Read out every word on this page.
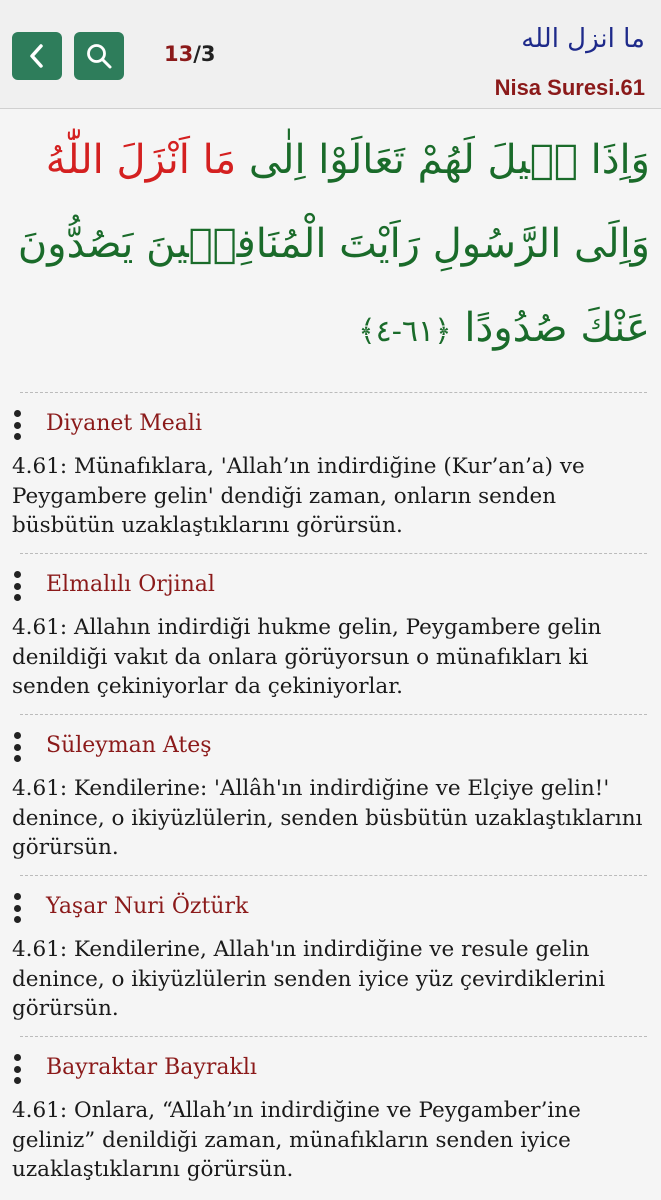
13/3	ما انزل الله
Nisa Suresi.61
وَاِذَا قٖيلَ لَهُمْ تَعَالَوْا اِلٰى مَا اَنْزَلَ اللّٰهُ وَاِلَى الرَّسُولِ رَاَيْتَ الْمُنَافِقٖينَ يَصُدُّونَ عَنْكَ صُدُودًا ﴿٦١-٤﴾
Diyanet Meali
4.61: Münafıklara, 'Allah’ın indirdiğine (Kur’an’a) ve Peygambere gelin' dendiği zaman, onların senden büsbütün uzaklaştıklarını görürsün.
Elmalılı Orjinal
4.61: Allahın indirdiği hukme gelin, Peygambere gelin denildiği vakıt da onlara görüyorsun o münafıkları ki senden çekiniyorlar da çekiniyorlar.
Süleyman Ateş
4.61: Kendilerine: 'Allâh'ın indirdiğine ve Elçiye gelin!' denince, o ikiyüzlülerin, senden büsbütün uzaklaştıklarını görürsün.
Yaşar Nuri Öztürk
4.61: Kendilerine, Allah'ın indirdiğine ve resule gelin denince, o ikiyüzlülerin senden iyice yüz çevirdiklerini görürsün.
Bayraktar Bayraklı
4.61: Onlara, “Allah’ın indirdiğine ve Peygamber’ine geliniz” denildiği zaman, münafıkların senden iyice uzaklaştıklarını görürsün.
